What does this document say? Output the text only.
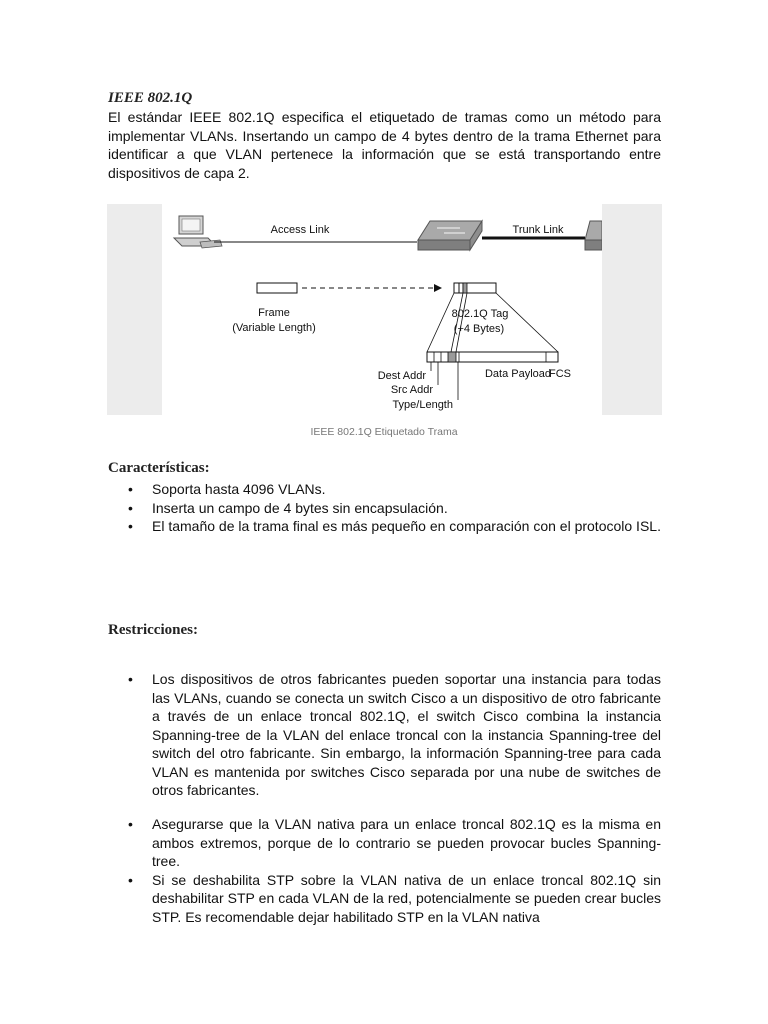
IEEE 802.1Q
El estándar IEEE 802.1Q especifica el etiquetado de tramas como un método para implementar VLANs. Insertando un campo de 4 bytes dentro de la trama Ethernet para identificar a que VLAN pertenece la información que se está transportando entre dispositivos de capa 2.
Access Link	Trunk Link
Frame
(Variable Length)
802.1Q Tag
(+4 Bytes)
Dest Addr
Src Addr
Type/Length
Data Payload
FCS
IEEE 802.1Q Etiquetado Trama
Características:
• Soporta hasta 4096 VLANs.
• Inserta un campo de 4 bytes sin encapsulación.
• El tamaño de la trama final es más pequeño en comparación con el protocolo ISL.
Restricciones:
• Los dispositivos de otros fabricantes pueden soportar una instancia para todas las VLANs, cuando se conecta un switch Cisco a un dispositivo de otro fabricante a través de un enlace troncal 802.1Q, el switch Cisco combina la instancia Spanning-tree de la VLAN del enlace troncal con la instancia Spanning-tree del switch del otro fabricante. Sin embargo, la información Spanning-tree para cada VLAN es mantenida por switches Cisco separada por una nube de switches de otros fabricantes.
• Asegurarse que la VLAN nativa para un enlace troncal 802.1Q es la misma en ambos extremos, porque de lo contrario se pueden provocar bucles Spanning-tree.
• Si se deshabilita STP sobre la VLAN nativa de un enlace troncal 802.1Q sin deshabilitar STP en cada VLAN de la red, potencialmente se pueden crear bucles STP. Es recomendable dejar habilitado STP en la VLAN nativa
